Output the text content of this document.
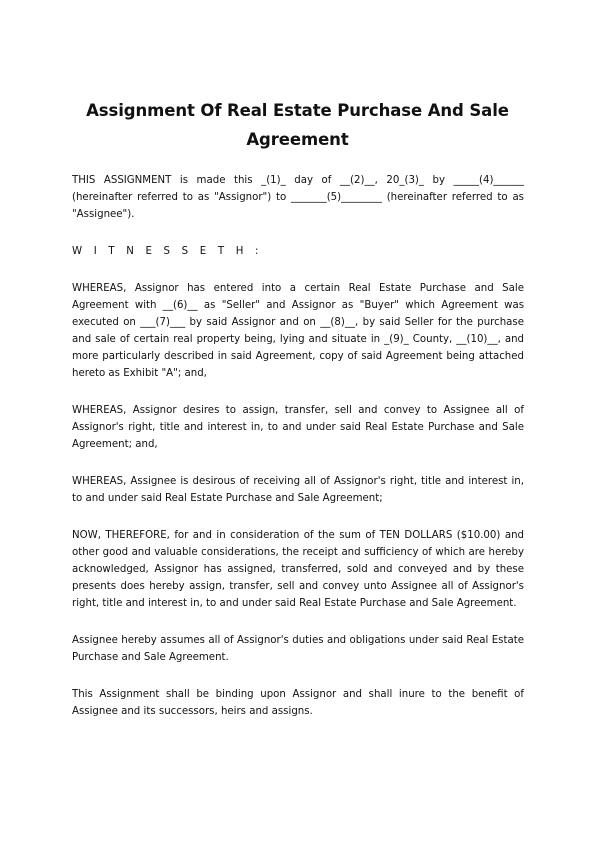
Assignment Of Real Estate Purchase And Sale Agreement

THIS ASSIGNMENT is made this _(1)_ day of __(2)__, 20_(3)_ by _____(4)______ (hereinafter referred to as "Assignor") to _______(5)________ (hereinafter referred to as "Assignee").

W I T N E S S E T H :

WHEREAS, Assignor has entered into a certain Real Estate Purchase and Sale Agreement with __(6)__ as "Seller" and Assignor as "Buyer" which Agreement was executed on ___(7)___ by said Assignor and on __(8)__, by said Seller for the purchase and sale of certain real property being, lying and situate in _(9)_ County, __(10)__, and more particularly described in said Agreement, copy of said Agreement being attached hereto as Exhibit "A"; and,

WHEREAS, Assignor desires to assign, transfer, sell and convey to Assignee all of Assignor's right, title and interest in, to and under said Real Estate Purchase and Sale Agreement; and,

WHEREAS, Assignee is desirous of receiving all of Assignor's right, title and interest in, to and under said Real Estate Purchase and Sale Agreement;

NOW, THEREFORE, for and in consideration of the sum of TEN DOLLARS ($10.00) and other good and valuable considerations, the receipt and sufficiency of which are hereby acknowledged, Assignor has assigned, transferred, sold and conveyed and by these presents does hereby assign, transfer, sell and convey unto Assignee all of Assignor's right, title and interest in, to and under said Real Estate Purchase and Sale Agreement.

Assignee hereby assumes all of Assignor's duties and obligations under said Real Estate Purchase and Sale Agreement.

This Assignment shall be binding upon Assignor and shall inure to the benefit of Assignee and its successors, heirs and assigns.
